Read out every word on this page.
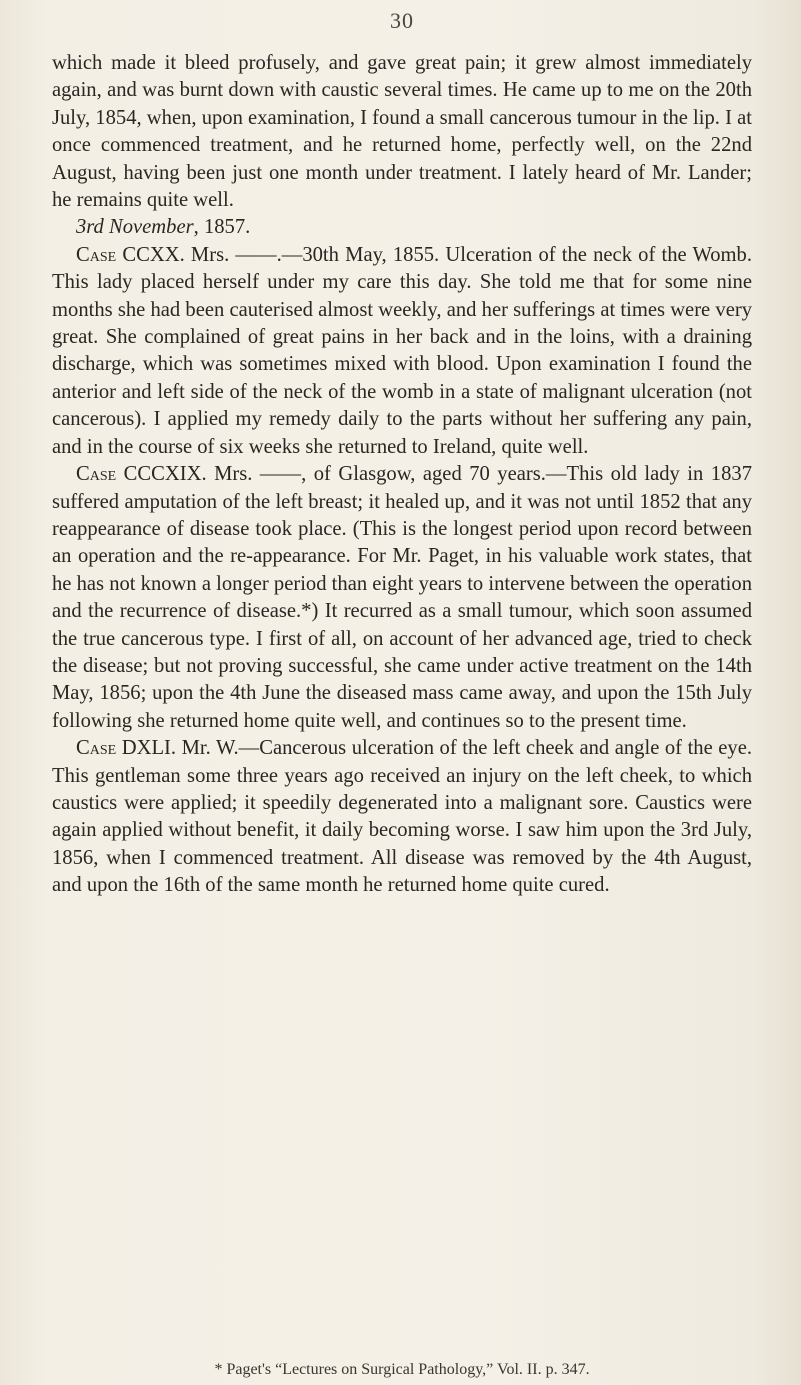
30

which made it bleed profusely, and gave great pain; it grew almost immediately again, and was burnt down with caustic several times. He came up to me on the 20th July, 1854, when, upon examination, I found a small cancerous tumour in the lip. I at once commenced treatment, and he returned home, perfectly well, on the 22nd August, having been just one month under treatment. I lately heard of Mr. Lander; he remains quite well.

3rd November, 1857.

Case CCXX. Mrs. ——.—30th May, 1855. Ulceration of the neck of the Womb. This lady placed herself under my care this day. She told me that for some nine months she had been cauterised almost weekly, and her sufferings at times were very great. She complained of great pains in her back and in the loins, with a draining discharge, which was sometimes mixed with blood. Upon examination I found the anterior and left side of the neck of the womb in a state of malignant ulceration (not cancerous). I applied my remedy daily to the parts without her suffering any pain, and in the course of six weeks she returned to Ireland, quite well.

Case CCCXIX. Mrs. ——, of Glasgow, aged 70 years.—This old lady in 1837 suffered amputation of the left breast; it healed up, and it was not until 1852 that any reappearance of disease took place. (This is the longest period upon record between an operation and the re-appearance. For Mr. Paget, in his valuable work states, that he has not known a longer period than eight years to intervene between the operation and the recurrence of disease.*) It recurred as a small tumour, which soon assumed the true cancerous type. I first of all, on account of her advanced age, tried to check the disease; but not proving successful, she came under active treatment on the 14th May, 1856; upon the 4th June the diseased mass came away, and upon the 15th July following she returned home quite well, and continues so to the present time.

Case DXLI. Mr. W.—Cancerous ulceration of the left cheek and angle of the eye. This gentleman some three years ago received an injury on the left cheek, to which caustics were applied; it speedily degenerated into a malignant sore. Caustics were again applied without benefit, it daily becoming worse. I saw him upon the 3rd July, 1856, when I commenced treatment. All disease was removed by the 4th August, and upon the 16th of the same month he returned home quite cured.

* Paget's “Lectures on Surgical Pathology,” Vol. II. p. 347.
